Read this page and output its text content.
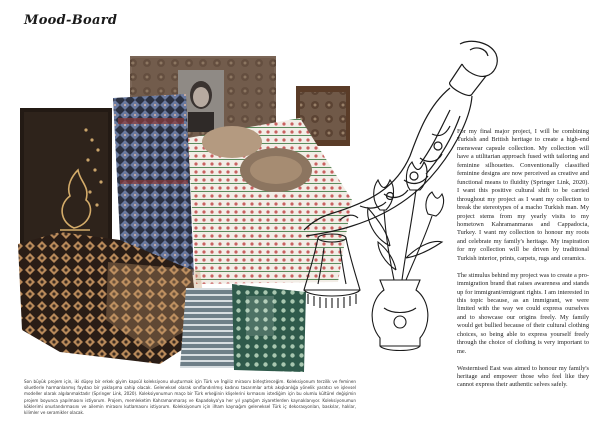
Mood-Board
Son büyük projem için, iki düşey bir erkek giyim kapsül koleksiyonu oluşturmak için Türk ve İngiliz mirasını birleştireceğim. Koleksiyonum terzilik ve feminen siluetlerle harmanlanmış faydacı bir yaklaşıma sahip olacak. Geleneksel olarak sınıflandırılmış kadınsı tasarımlar artık akışkanlığa yönelik yaratıcı ve işlevsel modeller olarak algılanmaktadır (Springer Link, 2020). Koleksiyonumun maço bir Türk erkeğinin klişelerini kırmasını istediğim için bu olumlu kültürel değişimin projem boyunca yapılmasını istiyorum. Projem, memleketim Kahramanmaraş ve Kapadokya'ya her yıl yaptığım ziyaretlerden kaynaklanıyor. Koleksiyonumun köklerimi onurlandırmasını ve ailemin mirasını kutlamasını istiyorum. Koleksiyonum için ilham kaynağım geleneksel Türk iç dekorasyonları, baskılar, halılar, kilimler ve seramikler olacak.

For my final major project, I will be combining Turkish and British heritage to create a high-end menswear capsule collection. My collection will have a utilitarian approach fused with tailoring and feminine silhouettes. Conventionally classified feminine designs are now perceived as creative and functional means to fluidity (Springer Link, 2020). I want this positive cultural shift to be carried throughout my project as I want my collection to break the stereotypes of a macho Turkish man. My project stems from my yearly visits to my hometown Kahramanmaras and Cappadocia, Turkey. I want my collection to honour my roots and celebrate my family's heritage. My inspiration for my collection will be driven by traditional Turkish interior, prints, carpets, rugs and ceramics.

The stimulus behind my project was to create a pro-immigration brand that raises awareness and stands up for immigrant/emigrant rights. I am interested in this topic because, as an immigrant, we were limited with the way we could express ourselves and to showcase our origins freely. My family would get bullied because of their cultural clothing choices, so being able to express yourself freely through the choice of clothing is very important to me.

Westernised East was aimed to honour my family's heritage and empower those who feel like they cannot express their authentic selves safely.
